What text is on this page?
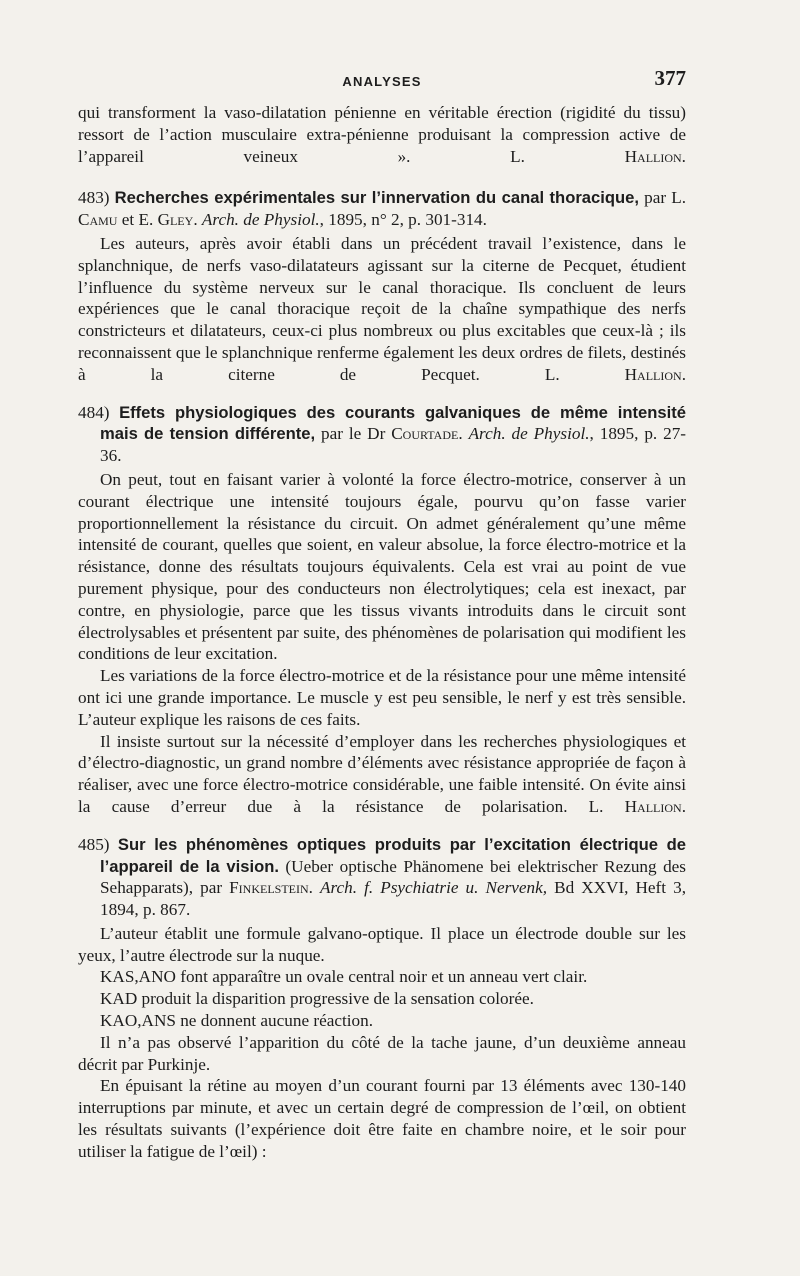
ANALYSES	377

qui transforment la vaso-dilatation pénienne en véritable érection (rigidité du tissu) ressort de l’action musculaire extra-pénienne produisant la compression active de l’appareil veineux ».	L. Hallion.

483) Recherches expérimentales sur l’innervation du canal thoracique, par L. Camu et E. Gley. Arch. de Physiol., 1895, n° 2, p. 301-314.

Les auteurs, après avoir établi dans un précédent travail l’existence, dans le splanchnique, de nerfs vaso-dilatateurs agissant sur la citerne de Pecquet, étudient l’influence du système nerveux sur le canal thoracique. Ils concluent de leurs expériences que le canal thoracique reçoit de la chaîne sympathique des nerfs constricteurs et dilatateurs, ceux-ci plus nombreux ou plus excitables que ceux-là ; ils reconnaissent que le splanchnique renferme également les deux ordres de filets, destinés à la citerne de Pecquet.	L. Hallion.

484) Effets physiologiques des courants galvaniques de même intensité mais de tension différente, par le Dr Courtade. Arch. de Physiol., 1895, p. 27-36.

On peut, tout en faisant varier à volonté la force électro-motrice, conserver à un courant électrique une intensité toujours égale, pourvu qu’on fasse varier proportionnellement la résistance du circuit. On admet généralement qu’une même intensité de courant, quelles que soient, en valeur absolue, la force électro-motrice et la résistance, donne des résultats toujours équivalents. Cela est vrai au point de vue purement physique, pour des conducteurs non électrolytiques; cela est inexact, par contre, en physiologie, parce que les tissus vivants introduits dans le circuit sont électrolysables et présentent par suite, des phénomènes de polarisation qui modifient les conditions de leur excitation.

Les variations de la force électro-motrice et de la résistance pour une même intensité ont ici une grande importance. Le muscle y est peu sensible, le nerf y est très sensible. L’auteur explique les raisons de ces faits.

Il insiste surtout sur la nécessité d’employer dans les recherches physiologiques et d’électro-diagnostic, un grand nombre d’éléments avec résistance appropriée de façon à réaliser, avec une force électro-motrice considérable, une faible intensité. On évite ainsi la cause d’erreur due à la résistance de polarisation. L. Hallion.

485) Sur les phénomènes optiques produits par l’excitation électrique de l’appareil de la vision. (Ueber optische Phänomene bei elektrischer Rezung des Sehapparats), par Finkelstein. Arch. f. Psychiatrie u. Nervenk, Bd XXVI, Heft 3, 1894, p. 867.

L’auteur établit une formule galvano-optique. Il place un électrode double sur les yeux, l’autre électrode sur la nuque.

KAS,ANO font apparaître un ovale central noir et un anneau vert clair.

KAD produit la disparition progressive de la sensation colorée.

KAO,ANS ne donnent aucune réaction.

Il n’a pas observé l’apparition du côté de la tache jaune, d’un deuxième anneau décrit par Purkinje.

En épuisant la rétine au moyen d’un courant fourni par 13 éléments avec 130-140 interruptions par minute, et avec un certain degré de compression de l’œil, on obtient les résultats suivants (l’expérience doit être faite en chambre noire, et le soir pour utiliser la fatigue de l’œil) :
